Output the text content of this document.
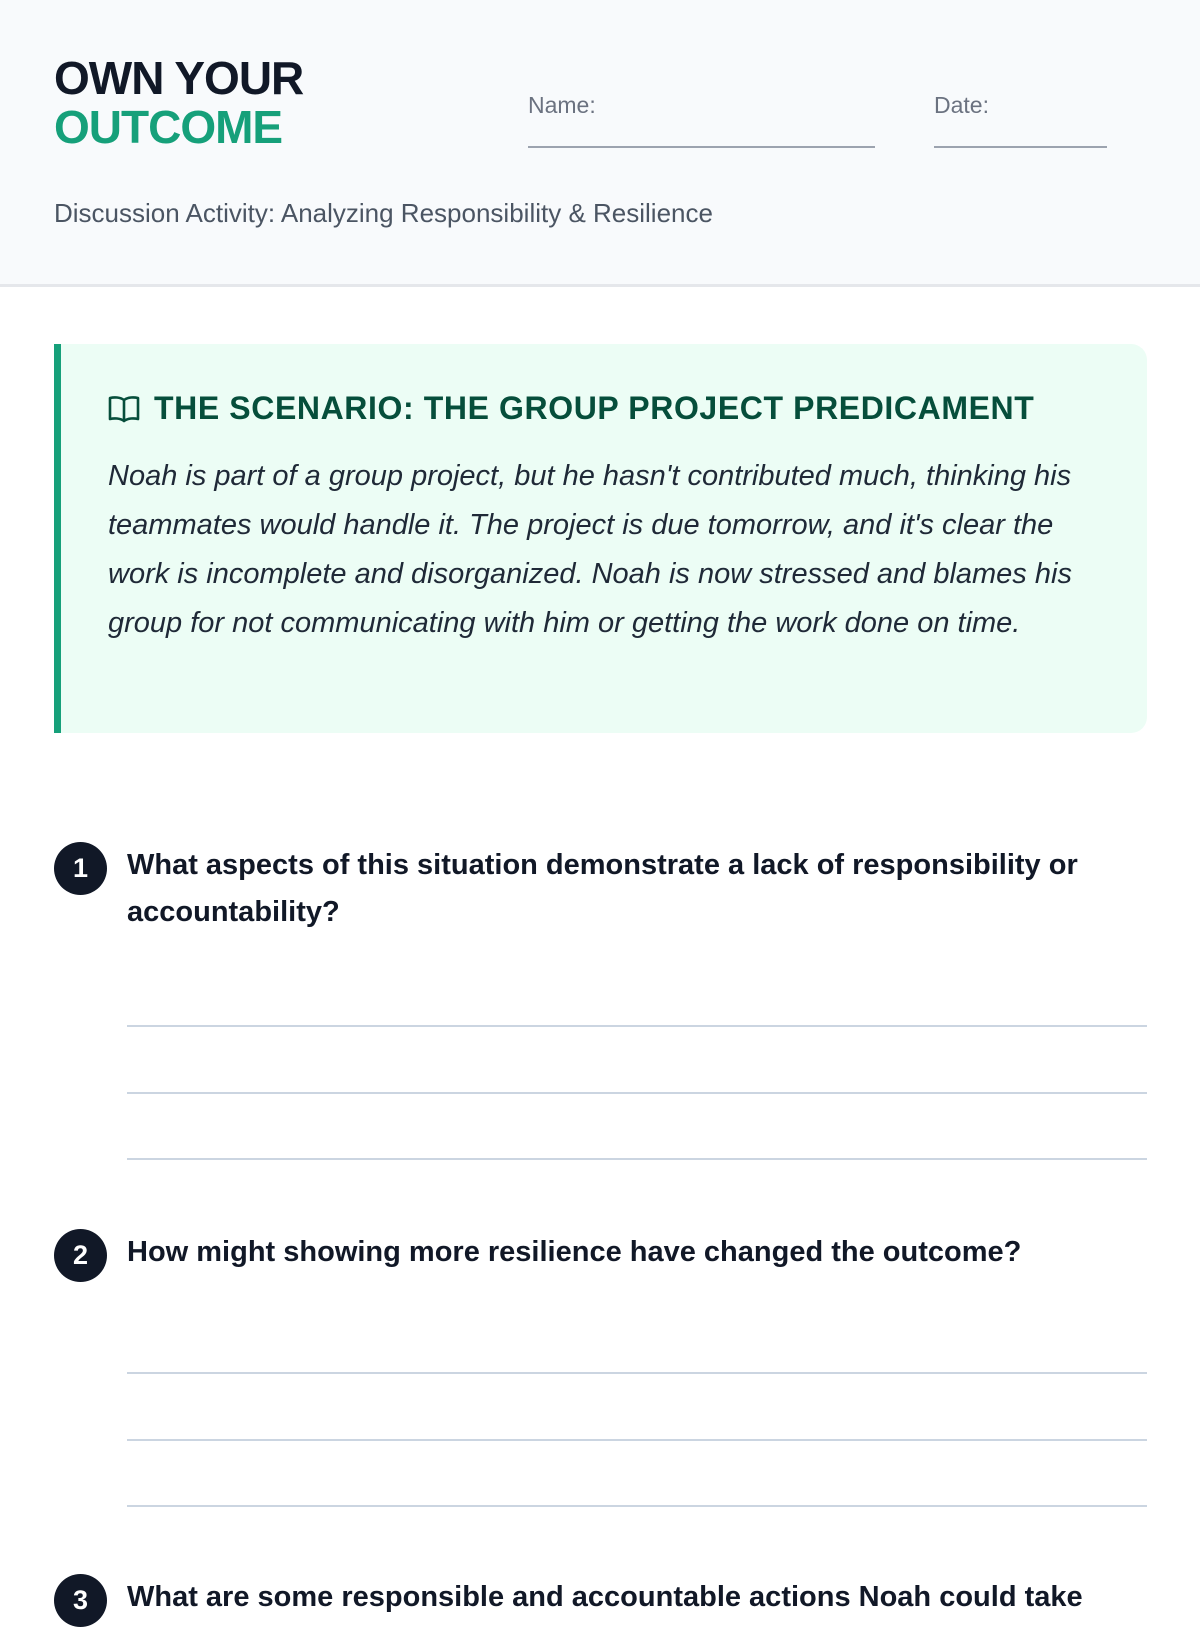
OWN YOUR
OUTCOME	Name:	Date:
Discussion Activity: Analyzing Responsibility & Resilience
THE SCENARIO: THE GROUP PROJECT PREDICAMENT

Noah is part of a group project, but he hasn't contributed much, thinking his teammates would handle it. The project is due tomorrow, and it's clear the work is incomplete and disorganized. Noah is now stressed and blames his group for not communicating with him or getting the work done on time.

1	What aspects of this situation demonstrate a lack of responsibility or accountability?
2	How might showing more resilience have changed the outcome?
3	What are some responsible and accountable actions Noah could take
